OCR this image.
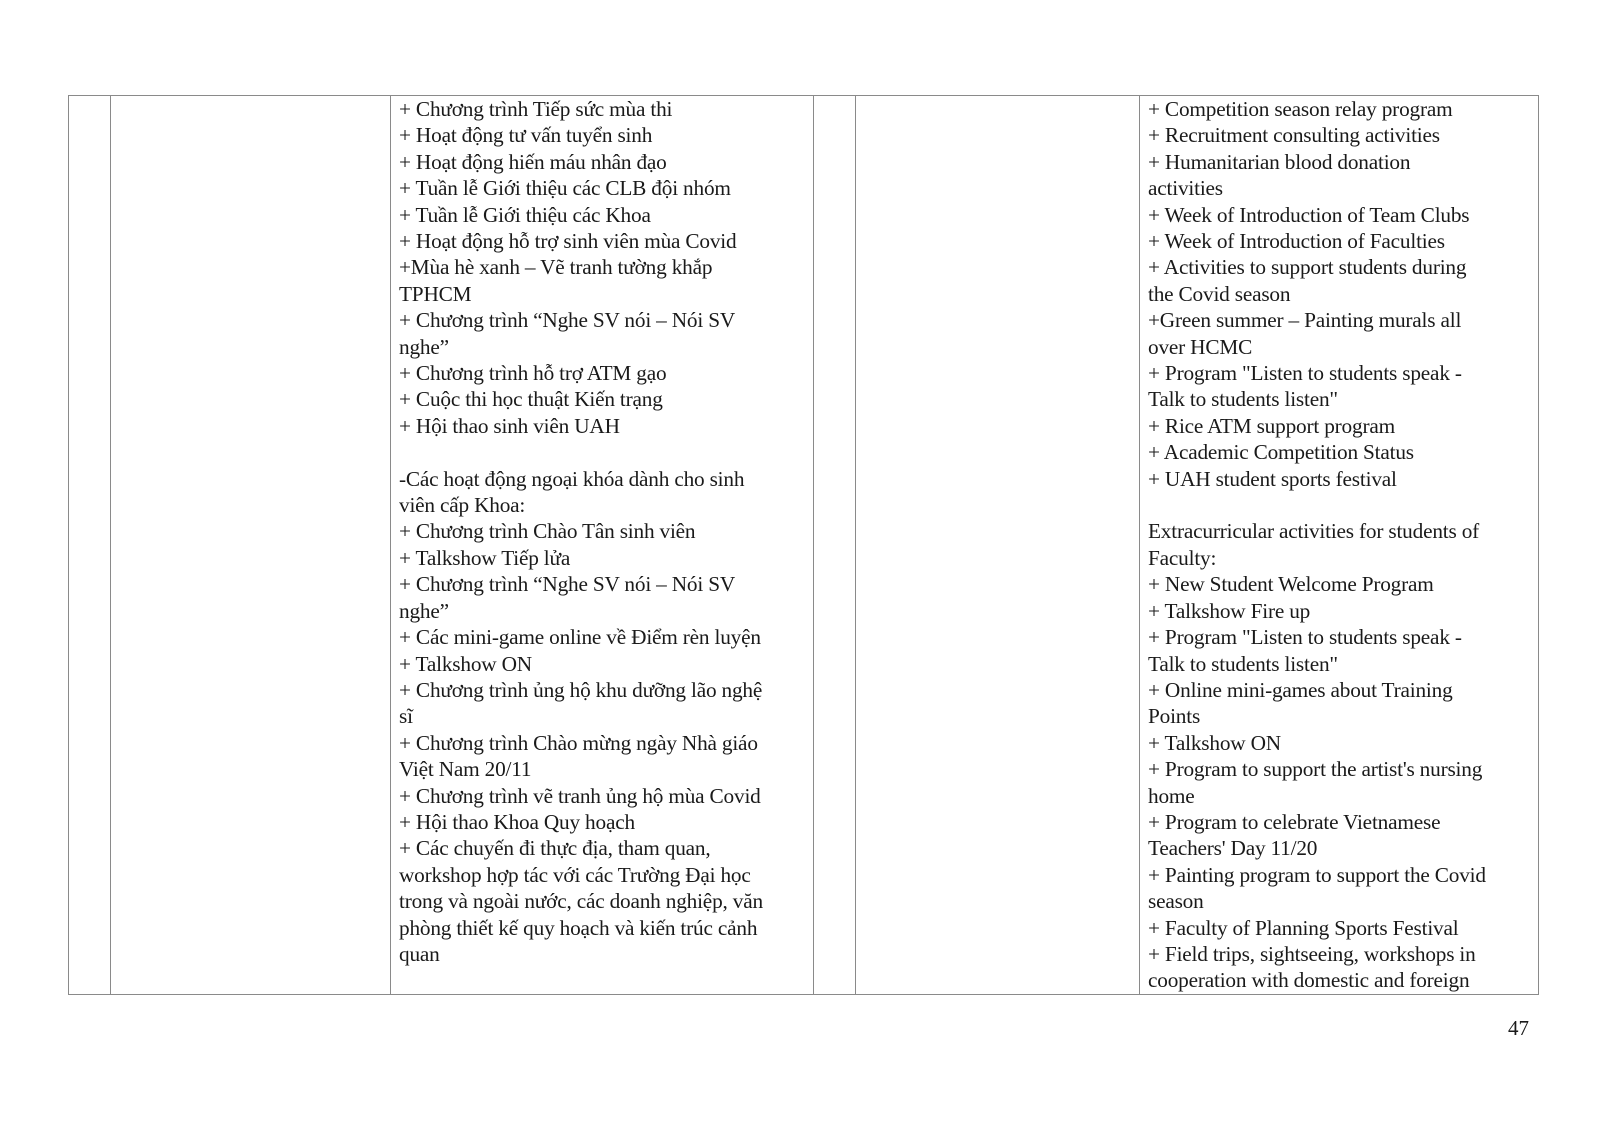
+ Chương trình Tiếp sức mùa thi
+ Hoạt động tư vấn tuyển sinh
+ Hoạt động hiến máu nhân đạo
+ Tuần lễ Giới thiệu các CLB đội nhóm
+ Tuần lễ Giới thiệu các Khoa
+ Hoạt động hỗ trợ sinh viên mùa Covid
+Mùa hè xanh – Vẽ tranh tường khắp
TPHCM
+ Chương trình “Nghe SV nói – Nói SV
nghe”
+ Chương trình hỗ trợ ATM gạo
+ Cuộc thi học thuật Kiến trạng
+ Hội thao sinh viên UAH
-Các hoạt động ngoại khóa dành cho sinh
viên cấp Khoa:
+ Chương trình Chào Tân sinh viên
+ Talkshow Tiếp lửa
+ Chương trình “Nghe SV nói – Nói SV
nghe”
+ Các mini-game online về Điểm rèn luyện
+ Talkshow ON
+ Chương trình ủng hộ khu dưỡng lão nghệ
sĩ
+ Chương trình Chào mừng ngày Nhà giáo
Việt Nam 20/11
+ Chương trình vẽ tranh ủng hộ mùa Covid
+ Hội thao Khoa Quy hoạch
+ Các chuyến đi thực địa, tham quan,
workshop hợp tác với các Trường Đại học
trong và ngoài nước, các doanh nghiệp, văn
phòng thiết kế quy hoạch và kiến trúc cảnh
quan

+ Competition season relay program
+ Recruitment consulting activities
+ Humanitarian blood donation
activities
+ Week of Introduction of Team Clubs
+ Week of Introduction of Faculties
+ Activities to support students during
the Covid season
+Green summer – Painting murals all
over HCMC
+ Program "Listen to students speak -
Talk to students listen"
+ Rice ATM support program
+ Academic Competition Status
+ UAH student sports festival
Extracurricular activities for students of
Faculty:
+ New Student Welcome Program
+ Talkshow Fire up
+ Program "Listen to students speak -
Talk to students listen"
+ Online mini-games about Training
Points
+ Talkshow ON
+ Program to support the artist's nursing
home
+ Program to celebrate Vietnamese
Teachers' Day 11/20
+ Painting program to support the Covid
season
+ Faculty of Planning Sports Festival
+ Field trips, sightseeing, workshops in
cooperation with domestic and foreign
47
